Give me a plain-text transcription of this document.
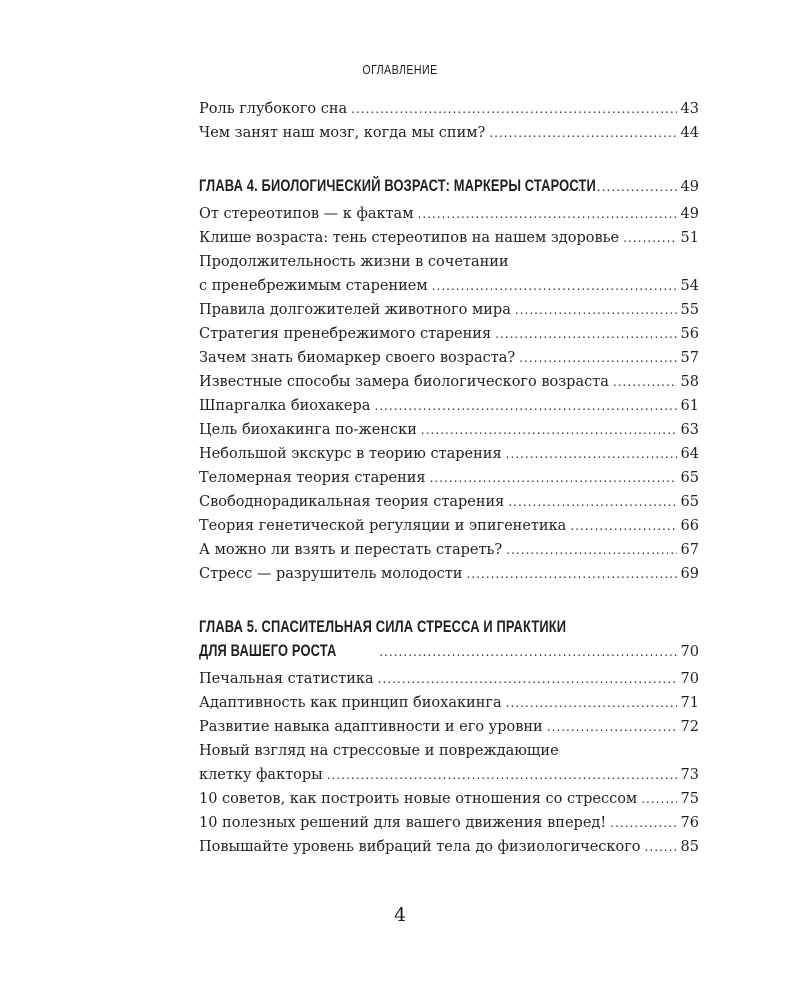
ОГЛАВЛЕНИЕ
Роль глубокого сна . . .	43
Чем занят наш мозг, когда мы спим? . . .	44
ГЛАВА 4. БИОЛОГИЧЕСКИЙ ВОЗРАСТ: МАРКЕРЫ СТАРОСТИ . . .	49
От стереотипов — к фактам . . .	49
Клише возраста: тень стереотипов на нашем здоровье . . .	51
Продолжительность жизни в сочетании
с пренебрежимым старением . . .	54
Правила долгожителей животного мира . . .	55
Стратегия пренебрежимого старения . . .	56
Зачем знать биомаркер своего возраста? . . .	57
Известные способы замера биологического возраста . . .	58
Шпаргалка биохакера . . .	61
Цель биохакинга по-женски . . .	63
Небольшой экскурс в теорию старения . . .	64
Теломерная теория старения . . .	65
Свободнорадикальная теория старения . . .	65
Теория генетической регуляции и эпигенетика . . .	66
А можно ли взять и перестать стареть? . . .	67
Стресс — разрушитель молодости . . .	69
ГЛАВА 5. СПАСИТЕЛЬНАЯ СИЛА СТРЕССА И ПРАКТИКИ
ДЛЯ ВАШЕГО РОСТА . . .	70
Печальная статистика . . .	70
Адаптивность как принцип биохакинга . . .	71
Развитие навыка адаптивности и его уровни . . .	72
Новый взгляд на стрессовые и повреждающие
клетку факторы . . .	73
10 советов, как построить новые отношения со стрессом . . .	75
10 полезных решений для вашего движения вперед! . . .	76
Повышайте уровень вибраций тела до физиологического . . .	85
4
